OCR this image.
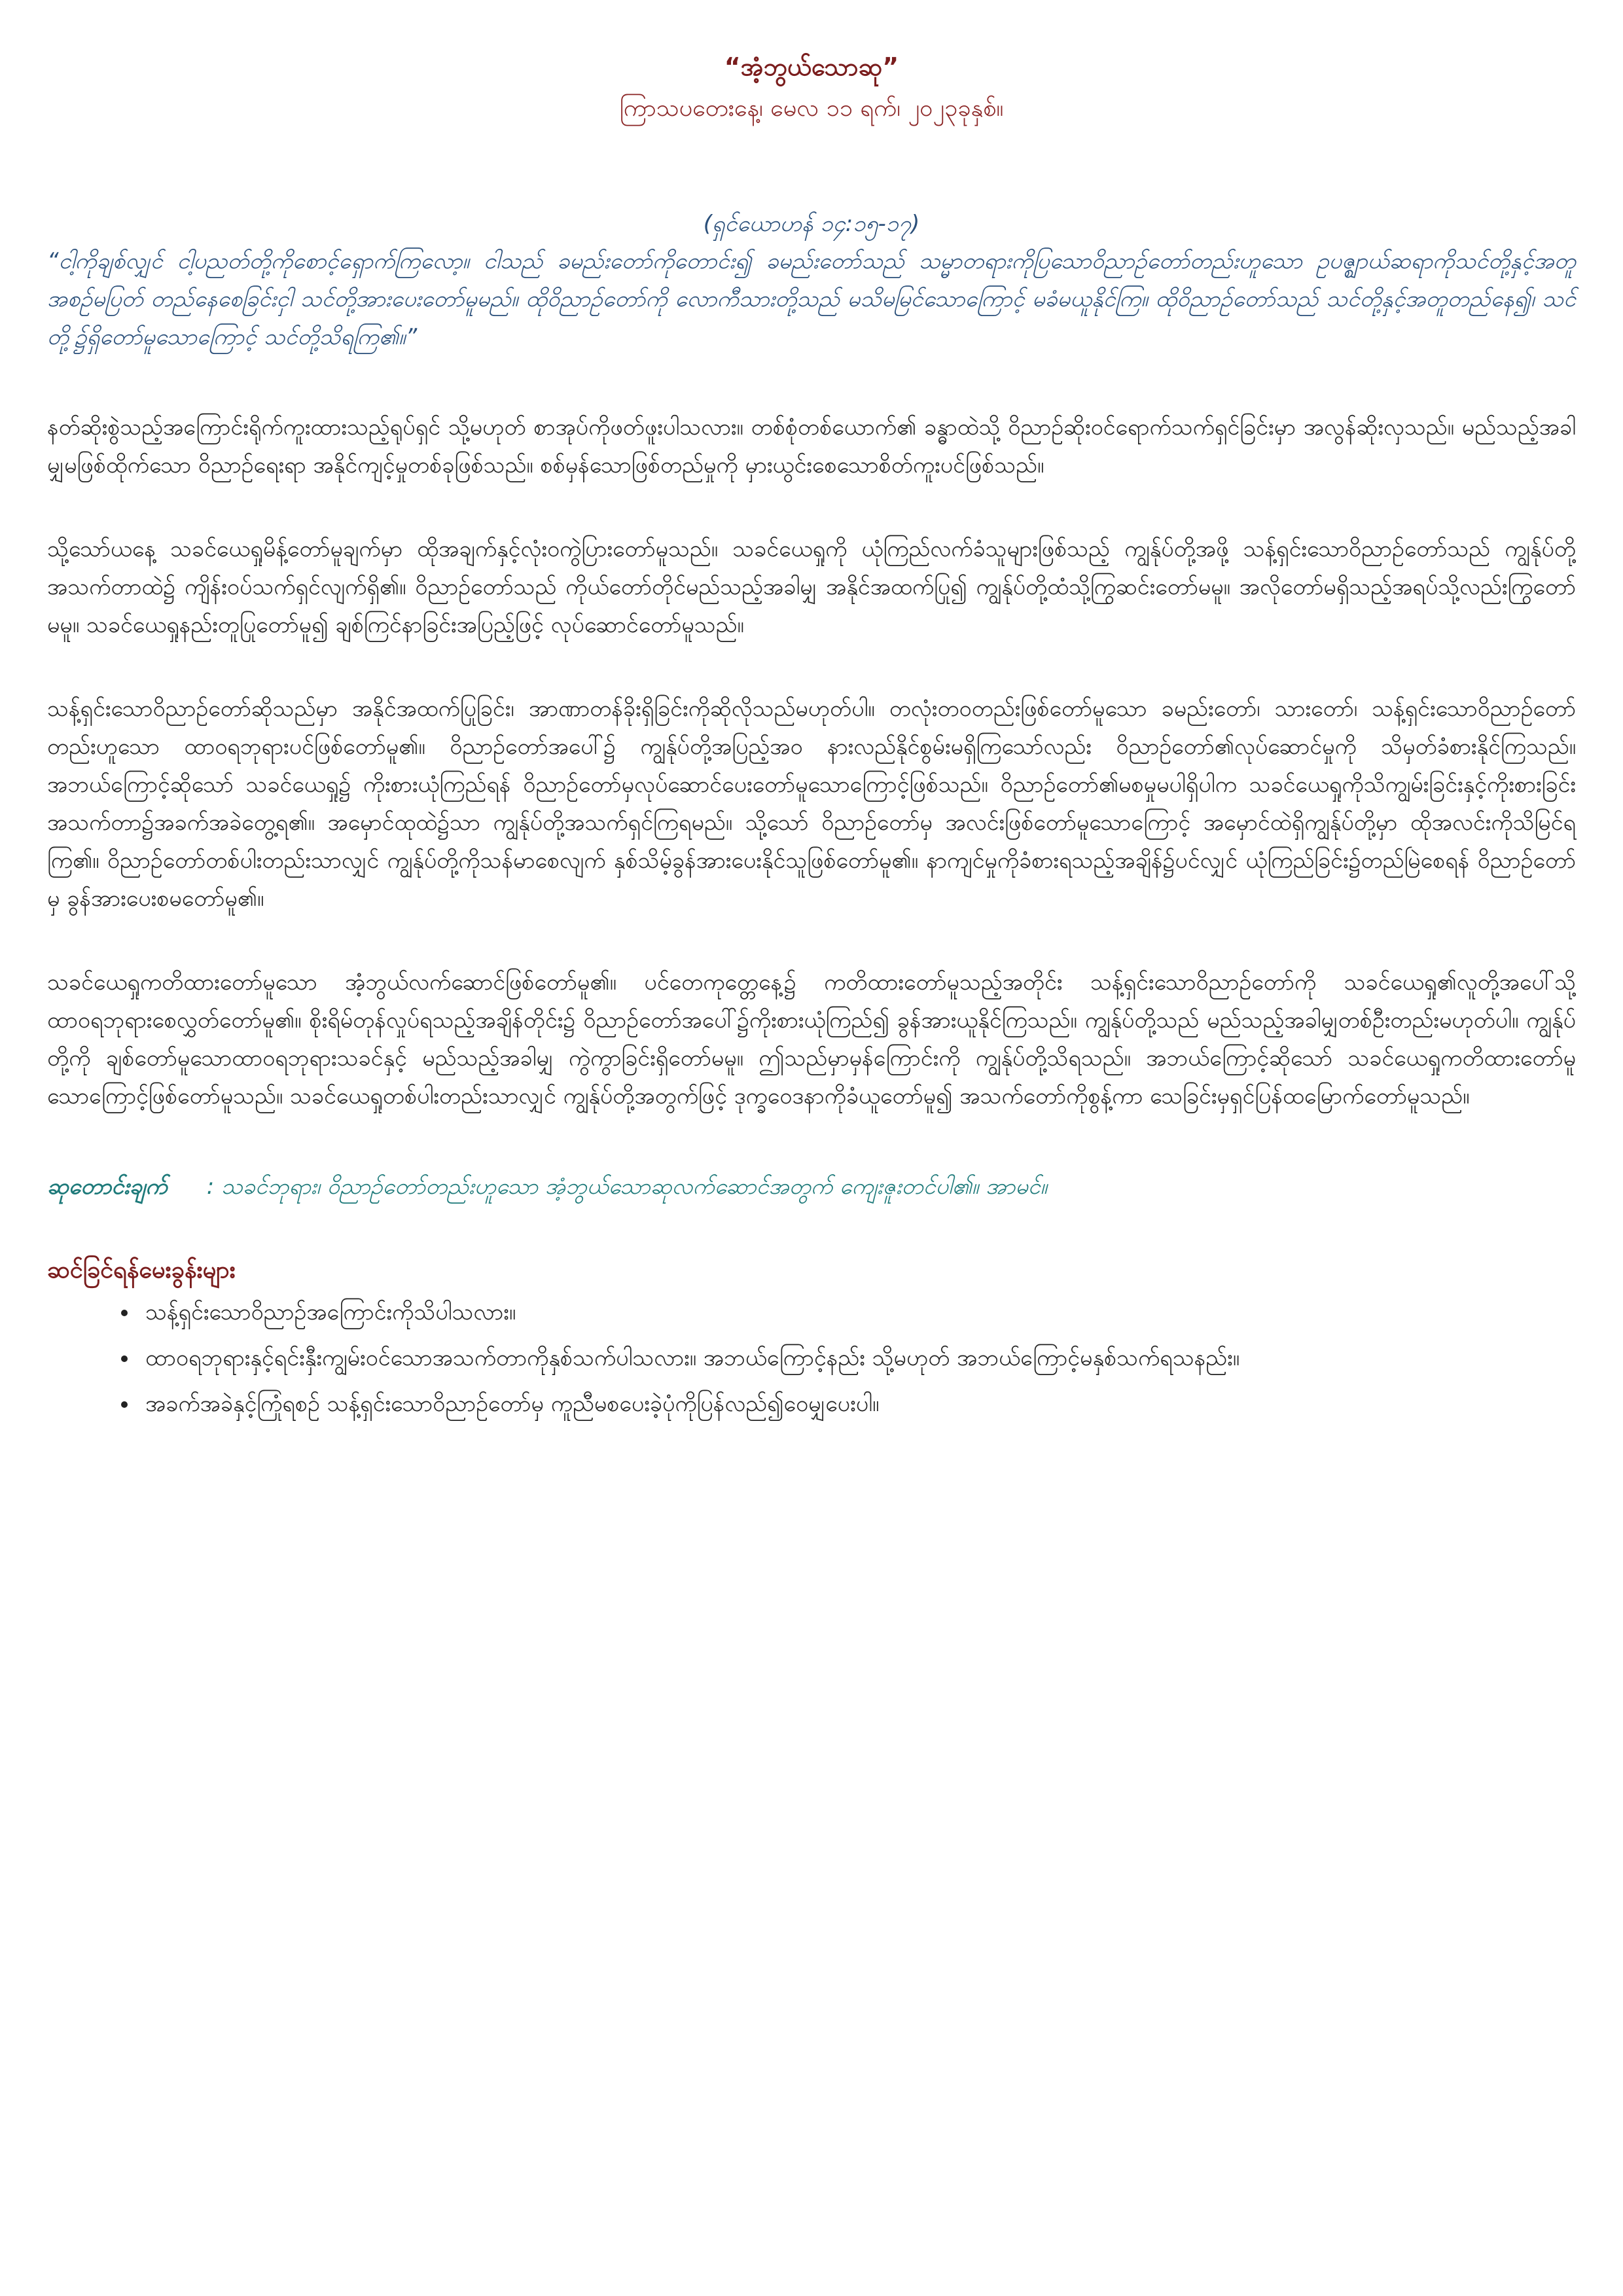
“အံ့ဘွယ်သောဆု”

ကြာသပတေးနေ့၊ မေလ ၁၁ ရက်၊ ၂၀၂၃ခုနှစ်။

(ရှင်ယောဟန် ၁၄:၁၅-၁၇)

“ငါ့ကိုချစ်လျှင် ငါ့ပညတ်တို့ကိုစောင့်ရှောက်ကြလော့။ ငါသည် ခမည်းတော်ကိုတောင်း၍ ခမည်းတော်သည် သမ္မာတရားကိုပြသောဝိညာဉ်တော်တည်းဟူသော ဥပဇ္ဈာယ်ဆရာကိုသင်တို့နှင့်အတူ အစဉ်မပြတ် တည်နေစေခြင်းငှါ သင်တို့အားပေးတော်မူမည်။ ထိုဝိညာဉ်တော်ကို လောကီသားတို့သည် မသိမမြင်သောကြောင့် မခံမယူနိုင်ကြ။ ထိုဝိညာဉ်တော်သည် သင်တို့နှင့်အတူတည်နေ၍၊ သင်တို့၌ရှိတော်မူသောကြောင့် သင်တို့သိရကြ၏။”

နတ်ဆိုးစွဲသည့်အကြောင်းရိုက်ကူးထားသည့်ရုပ်ရှင် သို့မဟုတ် စာအုပ်ကိုဖတ်ဖူးပါသလား။ တစ်စုံတစ်ယောက်၏ ခန္ဓာထဲသို့ ဝိညာဉ်ဆိုးဝင်ရောက်သက်ရှင်ခြင်းမှာ အလွန်ဆိုးလှသည်။ မည်သည့်အခါမျှမဖြစ်ထိုက်သော ဝိညာဉ်ရေးရာ အနိုင်ကျင့်မှုတစ်ခုဖြစ်သည်။ စစ်မှန်သောဖြစ်တည်မှုကို မှားယွင်းစေသောစိတ်ကူးပင်ဖြစ်သည်။

သို့သော်ယနေ့ သခင်ယေရှုမိန့်တော်မူချက်မှာ ထိုအချက်နှင့်လုံးဝကွဲပြားတော်မူသည်။ သခင်ယေရှုကို ယုံကြည်လက်ခံသူများဖြစ်သည့် ကျွန်ုပ်တို့အဖို့ သန့်ရှင်းသောဝိညာဉ်တော်သည် ကျွန်ုပ်တို့အသက်တာထဲ၌ ကျိန်းဝပ်သက်ရှင်လျက်ရှိ၏။ ဝိညာဉ်တော်သည် ကိုယ်တော်တိုင်မည်သည့်အခါမျှ အနိုင်အထက်ပြု၍ ကျွန်ုပ်တို့ထံသို့ကြွဆင်းတော်မမူ။ အလိုတော်မရှိသည့်အရပ်သို့လည်းကြွတော်မမူ။ သခင်ယေရှုနည်းတူပြုတော်မူ၍ ချစ်ကြင်နာခြင်းအပြည့်ဖြင့် လုပ်ဆောင်တော်မူသည်။

သန့်ရှင်းသောဝိညာဉ်တော်ဆိုသည်မှာ အနိုင်အထက်ပြုခြင်း၊ အာဏာတန်ခိုးရှိခြင်းကိုဆိုလိုသည်မဟုတ်ပါ။ တလုံးတဝတည်းဖြစ်တော်မူသော ခမည်းတော်၊ သားတော်၊ သန့်ရှင်းသောဝိညာဉ်တော်တည်းဟူသော ထာဝရဘုရားပင်ဖြစ်တော်မူ၏။ ဝိညာဉ်တော်အပေါ်၌ ကျွန်ုပ်တို့အပြည့်အဝ နားလည်နိုင်စွမ်းမရှိကြသော်လည်း ဝိညာဉ်တော်၏လုပ်ဆောင်မှုကို သိမှတ်ခံစားနိုင်ကြသည်။ အဘယ်ကြောင့်ဆိုသော် သခင်ယေရှု၌ ကိုးစားယုံကြည်ရန် ဝိညာဉ်တော်မှလုပ်ဆောင်ပေးတော်မူသောကြောင့်ဖြစ်သည်။ ဝိညာဉ်တော်၏မစမှုမပါရှိပါက သခင်ယေရှုကိုသိကျွမ်းခြင်းနှင့်ကိုးစားခြင်း အသက်တာ၌အခက်အခဲတွေ့ရ၏။ အမှောင်ထုထဲ၌သာ ကျွန်ုပ်တို့အသက်ရှင်ကြရမည်။ သို့သော် ဝိညာဉ်တော်မှ အလင်းဖြစ်တော်မူသောကြောင့် အမှောင်ထဲရှိကျွန်ုပ်တို့မှာ ထိုအလင်းကိုသိမြင်ရကြ၏။ ဝိညာဉ်တော်တစ်ပါးတည်းသာလျှင် ကျွန်ုပ်တို့ကိုသန်မာစေလျက် နှစ်သိမ့်ခွန်အားပေးနိုင်သူဖြစ်တော်မူ၏။ နာကျင်မှုကိုခံစားရသည့်အချိန်၌ပင်လျှင် ယုံကြည်ခြင်း၌တည်မြဲစေရန် ဝိညာဉ်တော်မှ ခွန်အားပေးစမတော်မူ၏။

သခင်ယေရှုကတိထားတော်မူသော အံ့ဘွယ်လက်ဆောင်ဖြစ်တော်မူ၏။ ပင်တေကုတ္တေနေ့၌ ကတိထားတော်မူသည့်အတိုင်း သန့်ရှင်းသောဝိညာဉ်တော်ကို သခင်ယေရှု၏လူတို့အပေါ်သို့ ထာဝရဘုရားစေလွှတ်တော်မူ၏။ စိုးရိမ်တုန်လှုပ်ရသည့်အချိန်တိုင်း၌ ဝိညာဉ်တော်အပေါ်၌ကိုးစားယုံကြည်၍ ခွန်အားယူနိုင်ကြသည်။ ကျွန်ုပ်တို့သည် မည်သည့်အခါမျှတစ်ဦးတည်းမဟုတ်ပါ။ ကျွန်ုပ်တို့ကို ချစ်တော်မူသောထာဝရဘုရားသခင်နှင့် မည်သည့်အခါမျှ ကွဲကွာခြင်းရှိတော်မမူ။ ဤသည်မှာမှန်ကြောင်းကို ကျွန်ုပ်တို့သိရသည်။ အဘယ်ကြောင့်ဆိုသော် သခင်ယေရှုကတိထားတော်မူသောကြောင့်ဖြစ်တော်မူသည်။ သခင်ယေရှုတစ်ပါးတည်းသာလျှင် ကျွန်ုပ်တို့အတွက်ဖြင့် ဒုက္ခဝေဒနာကိုခံယူတော်မူ၍ အသက်တော်ကိုစွန့်ကာ သေခြင်းမှရှင်ပြန်ထမြောက်တော်မူသည်။

ဆုတောင်းချက် : သခင်ဘုရား၊ ဝိညာဉ်တော်တည်းဟူသော အံ့ဘွယ်သောဆုလက်ဆောင်အတွက် ကျေးဇူးတင်ပါ၏။ အာမင်။

ဆင်ခြင်ရန်မေးခွန်းများ

• သန့်ရှင်းသောဝိညာဉ်အကြောင်းကိုသိပါသလား။
• ထာဝရဘုရားနှင့်ရင်းနှီးကျွမ်းဝင်သောအသက်တာကိုနှစ်သက်ပါသလား။ အဘယ်ကြောင့်နည်း သို့မဟုတ် အဘယ်ကြောင့်မနှစ်သက်ရသနည်း။
• အခက်အခဲနှင့်ကြုံရစဉ် သန့်ရှင်းသောဝိညာဉ်တော်မှ ကူညီမစပေးခဲ့ပုံကိုပြန်လည်၍ဝေမျှပေးပါ။
